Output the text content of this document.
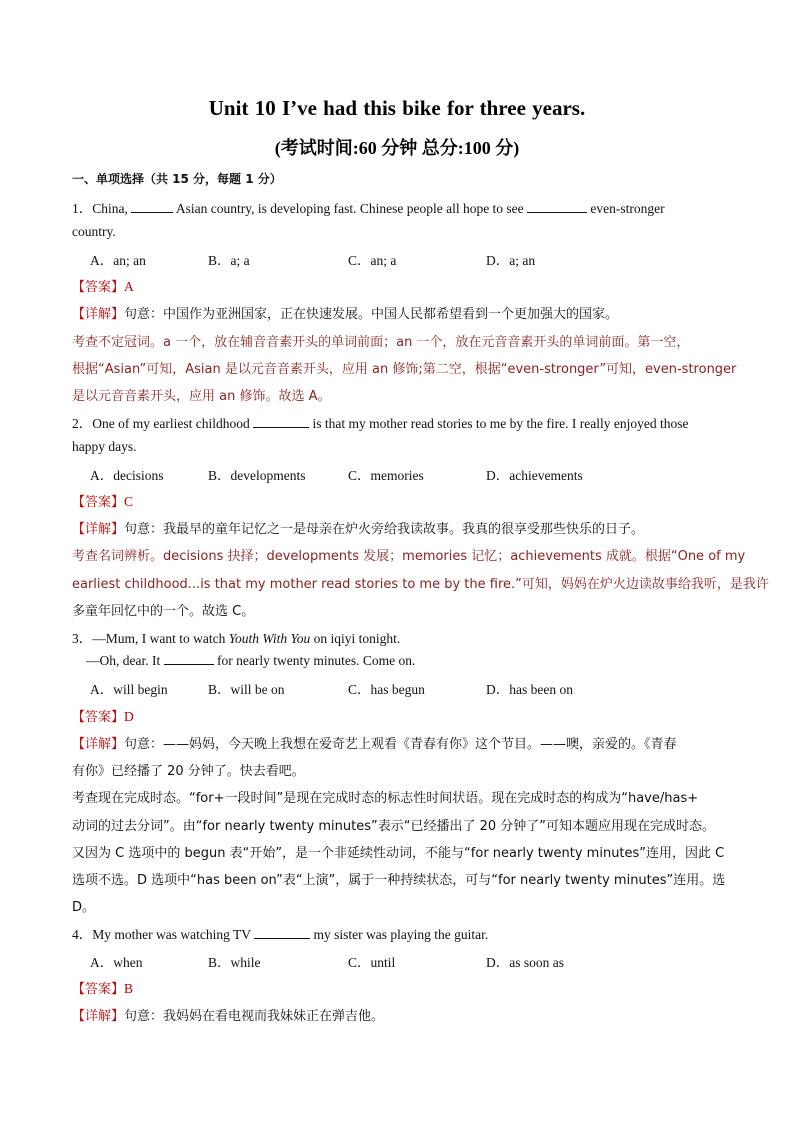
Unit 10 I’ve had this bike for three years.
(考试时间:60 分钟 总分:100 分)
一、单项选择（共 15 分，每题 1 分）
1．China,	Asian country, is developing fast. Chinese people all hope to see	even-stronger
country.
A．an; an	B．a; a	C．an; a	D．a; an
【答案】A
【详解】句意：中国作为亚洲国家，正在快速发展。中国人民都希望看到一个更加强大的国家。
考查不定冠词。a 一个，放在辅音音素开头的单词前面；an 一个，放在元音音素开头的单词前面。第一空，
根据“Asian”可知，Asian 是以元音音素开头，应用 an 修饰;第二空，根据“even-stronger”可知，even-stronger
是以元音音素开头，应用 an 修饰。故选 A。
2．One of my earliest childhood	is that my mother read stories to me by the fire. I really enjoyed those
happy days.
A．decisions	B．developments	C．memories	D．achievements
【答案】C
【详解】句意：我最早的童年记忆之一是母亲在炉火旁给我读故事。我真的很享受那些快乐的日子。
考查名词辨析。decisions 抉择；developments 发展；memories 记忆；achievements 成就。根据“One of my
earliest childhood...is that my mother read stories to me by the fire.”可知，妈妈在炉火边读故事给我听，是我许
多童年回忆中的一个。故选 C。
3．—Mum, I want to watch Youth With You on iqiyi tonight.
—Oh, dear. It	for nearly twenty minutes. Come on.
A．will begin	B．will be on	C．has begun	D．has been on
【答案】D
【详解】句意：——妈妈，今天晚上我想在爱奇艺上观看《青春有你》这个节目。——噢，亲爱的。《青春
有你》已经播了 20 分钟了。快去看吧。
考查现在完成时态。“for+一段时间”是现在完成时态的标志性时间状语。现在完成时态的构成为“have/has+
动词的过去分词”。由“for nearly twenty minutes”表示“已经播出了 20 分钟了”可知本题应用现在完成时态。
又因为 C 选项中的 begun 表“开始”，是一个非延续性动词，不能与“for nearly twenty minutes”连用，因此 C
选项不选。D 选项中“has been on”表“上演”，属于一种持续状态，可与“for nearly twenty minutes”连用。选
D。
4．My mother was watching TV	my sister was playing the guitar.
A．when	B．while	C．until	D．as soon as
【答案】B
【详解】句意：我妈妈在看电视而我妹妹正在弹吉他。
